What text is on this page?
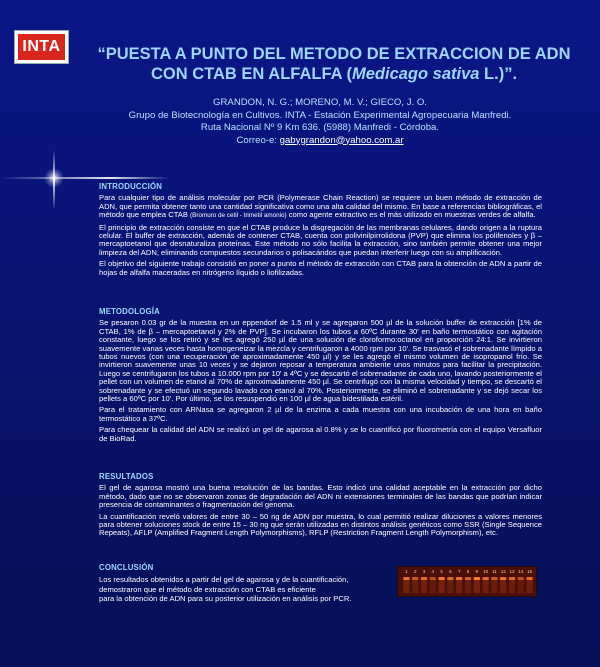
INTA	“PUESTA A PUNTO DEL METODO DE EXTRACCION DE ADN
CON CTAB EN ALFALFA (Medicago sativa L.)”.
GRANDON, N. G.; MORENO, M. V.; GIECO, J. O.
Grupo de Biotecnología en Cultivos. INTA - Estación Experimental Agropecuaria Manfredi.
Ruta Nacional Nº 9 Km 636. (5988) Manfredi - Córdoba.
Correo-e: gabygrandon@yahoo.com.ar
INTRODUCCIÓN

Para cualquier tipo de análisis molecular por PCR (Polymerase Chain Reaction) se requiere un buen método de extracción de ADN, que permita obtener tanto una cantidad significativa como una alta calidad del mismo. En base a referencias bibliográficas, el método que emplea CTAB (Bromuro de cetil - trimetil amonio) como agente extractivo es el más utilizado en muestras verdes de alfalfa.

El principio de extracción consiste en que el CTAB produce la disgregación de las membranas celulares, dando origen a la ruptura celular. El buffer de extracción, además de contener CTAB, cuenta con polivinilpirrolidona (PVP) que elimina los polifenoles y β – mercaptoetanol que desnaturaliza proteínas. Este método no sólo facilita la extracción, sino también permite obtener una mejor limpieza del ADN, eliminando compuestos secundarios o polisacáridos que puedan interferir luego con su amplificación.

El objetivo del siguiente trabajo consistió en poner a punto el método de extracción con CTAB para la obtención de ADN a partir de hojas de alfalfa maceradas en nitrógeno líquido o liofilizadas.

METODOLOGÍA

Se pesaron 0.03 gr de la muestra en un eppendorf de 1.5 ml y se agregaron 500 µl de la solución buffer de extracción [1% de CTAB, 1% de β – mercaptoetanol y 2% de PVP]. Se incubaron los tubos a 60ºC durante 30' en baño termostático con agitación constante, luego se los retiró y se les agregó 250 µl de una solución de cloroformo:octanol en proporción 24:1. Se invirtieron suavemente varias veces hasta homogeneizar la mezcla y centrifugaron a 4000 rpm por 10'. Se trasvasó el sobrenadante límpido a tubos nuevos (con una recuperación de aproximadamente 450 µl) y se les agregó el mismo volumen de isopropanol frío. Se invirtieron suavemente unas 10 veces y se dejaron reposar a temperatura ambiente unos minutos para facilitar la precipitación. Luego se centrifugaron los tubos a 10.000 rpm por 10' a 4ºC y se descartó el sobrenadante de cada uno, lavando posteriormente el pellet con un volumen de etanol al 70% de aproximadamente 450 µl. Se centrifugó con la misma velocidad y tiempo, se descartó el sobrenadante y se efectuó un segundo lavado con etanol al 70%. Posteriormente, se eliminó el sobrenadante y se dejó secar los pellets a 60ºC por 10'. Por último, se los resuspendió en 100 µl de agua bidestilada estéril.

Para el tratamiento con ARNasa se agregaron 2 µl de la enzima a cada muestra con una incubación de una hora en baño termostático a 37ºC.

Para chequear la calidad del ADN se realizó un gel de agarosa al 0.8% y se lo cuantificó por fluorometría con el equipo Versafluor de BioRad.

RESULTADOS

El gel de agarosa mostró una buena resolución de las bandas. Esto indicó una calidad aceptable en la extracción por dicho método, dado que no se observaron zonas de degradación del ADN ni extensiones terminales de las bandas que podrían indicar presencia de contaminantes o fragmentación del genoma.

La cuantificación reveló valores de entre 30 – 50 ng de ADN por muestra, lo cual permitió realizar diluciones a valores menores para obtener soluciones stock de entre 15 – 30 ng que serán utilizadas en distintos análisis genéticos como SSR (Single Sequence Repeats), AFLP (Amplified Fragment Length Polymorphisms), RFLP (Restriction Fragment Length Polymorphism), etc.

CONCLUSIÓN
Los resultados obtenidos a partir del gel de agarosa y de la cuantificación,
demostraron que el método de extracción con CTAB es eficiente
para la obtención de ADN para su posterior utilización en análisis por PCR.
1 2 3 4 5 6 7 8 9 10 11 12 13 14 15
